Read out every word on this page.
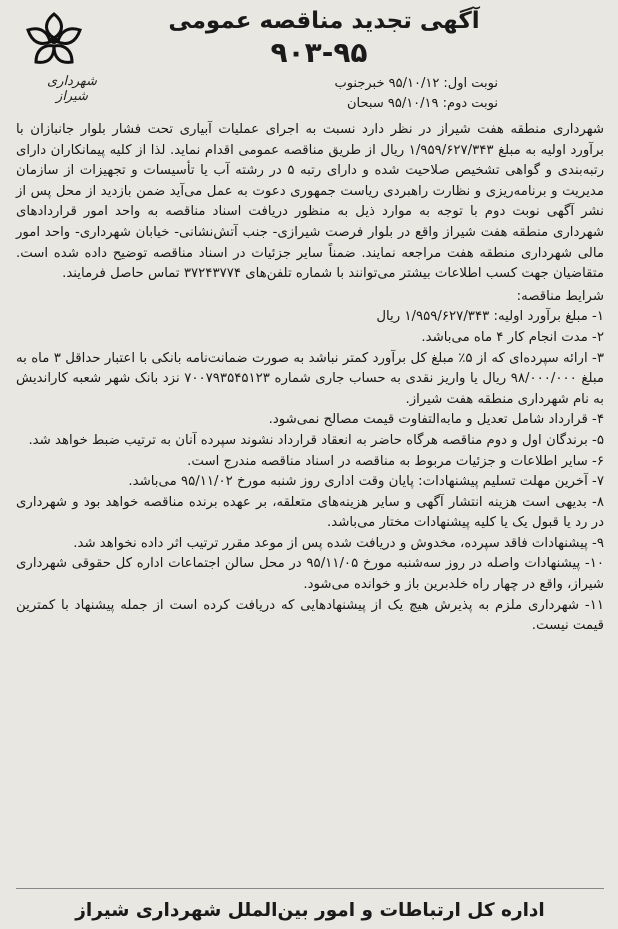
شهرداری شیراز
آگهی تجدید مناقصه عمومی
۹۰۳-۹۵
نوبت اول: ۹۵/۱۰/۱۲ خبرجنوب
نوبت دوم: ۹۵/۱۰/۱۹ سبحان

شهرداری منطقه هفت شیراز در نظر دارد نسبت به اجرای عملیات آبیاری تحت فشار بلوار جانبازان با برآورد اولیه به مبلغ ۱/۹۵۹/۶۲۷/۳۴۳ ریال از طریق مناقصه عمومی اقدام نماید. لذا از کلیه پیمانکاران دارای رتبه‌بندی و گواهی تشخیص صلاحیت شده و دارای رتبه ۵ در رشته آب یا تأسیسات و تجهیزات از سازمان مدیریت و برنامه‌ریزی و نظارت راهبردی ریاست جمهوری دعوت به عمل می‌آید ضمن بازدید از محل پس از نشر آگهی نوبت دوم با توجه به موارد ذیل به منظور دریافت اسناد مناقصه به واحد امور قراردادهای شهرداری منطقه هفت شیراز واقع در بلوار فرصت شیرازی- جنب آتش‌نشانی- خیابان شهرداری- واحد امور مالی شهرداری منطقه هفت مراجعه نمایند. ضمناً سایر جزئیات در اسناد مناقصه توضیح داده شده است. متقاضیان جهت کسب اطلاعات بیشتر می‌توانند با شماره تلفن‌های ۳۷۲۴۳۷۷۴ تماس حاصل فرمایند.

شرایط مناقصه:

۱- مبلغ برآورد اولیه: ۱/۹۵۹/۶۲۷/۳۴۳ ریال
۲- مدت انجام کار ۴ ماه می‌باشد.
۳- ارائه سپرده‌ای که از ۵٪ مبلغ کل برآورد کمتر نباشد به صورت ضمانت‌نامه بانکی با اعتبار حداقل ۳ ماه به مبلغ ۹۸/۰۰۰/۰۰۰ ریال یا واریز نقدی به حساب جاری شماره ۷۰۰۷۹۳۵۴۵۱۲۳ نزد بانک شهر شعبه کارانديش به نام شهرداری منطقه هفت شیراز.
۴- قرارداد شامل تعدیل و مابه‌التفاوت قیمت مصالح نمی‌شود.
۵- برندگان اول و دوم مناقصه هرگاه حاضر به انعقاد قرارداد نشوند سپرده آنان به ترتیب ضبط خواهد شد.
۶- سایر اطلاعات و جزئیات مربوط به مناقصه در اسناد مناقصه مندرج است.
۷- آخرین مهلت تسلیم پیشنهادات: پایان وقت اداری روز شنبه مورخ ۹۵/۱۱/۰۲ می‌باشد.
۸- بدیهی است هزینه انتشار آگهی و سایر هزینه‌های متعلقه، بر عهده برنده مناقصه خواهد بود و شهرداری در رد یا قبول یک یا کلیه پیشنهادات مختار می‌باشد.
۹- پیشنهادات فاقد سپرده، مخدوش و دریافت شده پس از موعد مقرر ترتیب اثر داده نخواهد شد.
۱۰- پیشنهادات واصله در روز سه‌شنبه مورخ ۹۵/۱۱/۰۵ در محل سالن اجتماعات اداره کل حقوقی شهرداری شیراز، واقع در چهار راه خلدبرین باز و خوانده می‌شود.
۱۱- شهرداری ملزم به پذیرش هیچ یک از پیشنهادهایی که دریافت کرده است از جمله پیشنهاد با کمترین قیمت نیست.
اداره کل ارتباطات و امور بین‌الملل شهرداری شیراز
